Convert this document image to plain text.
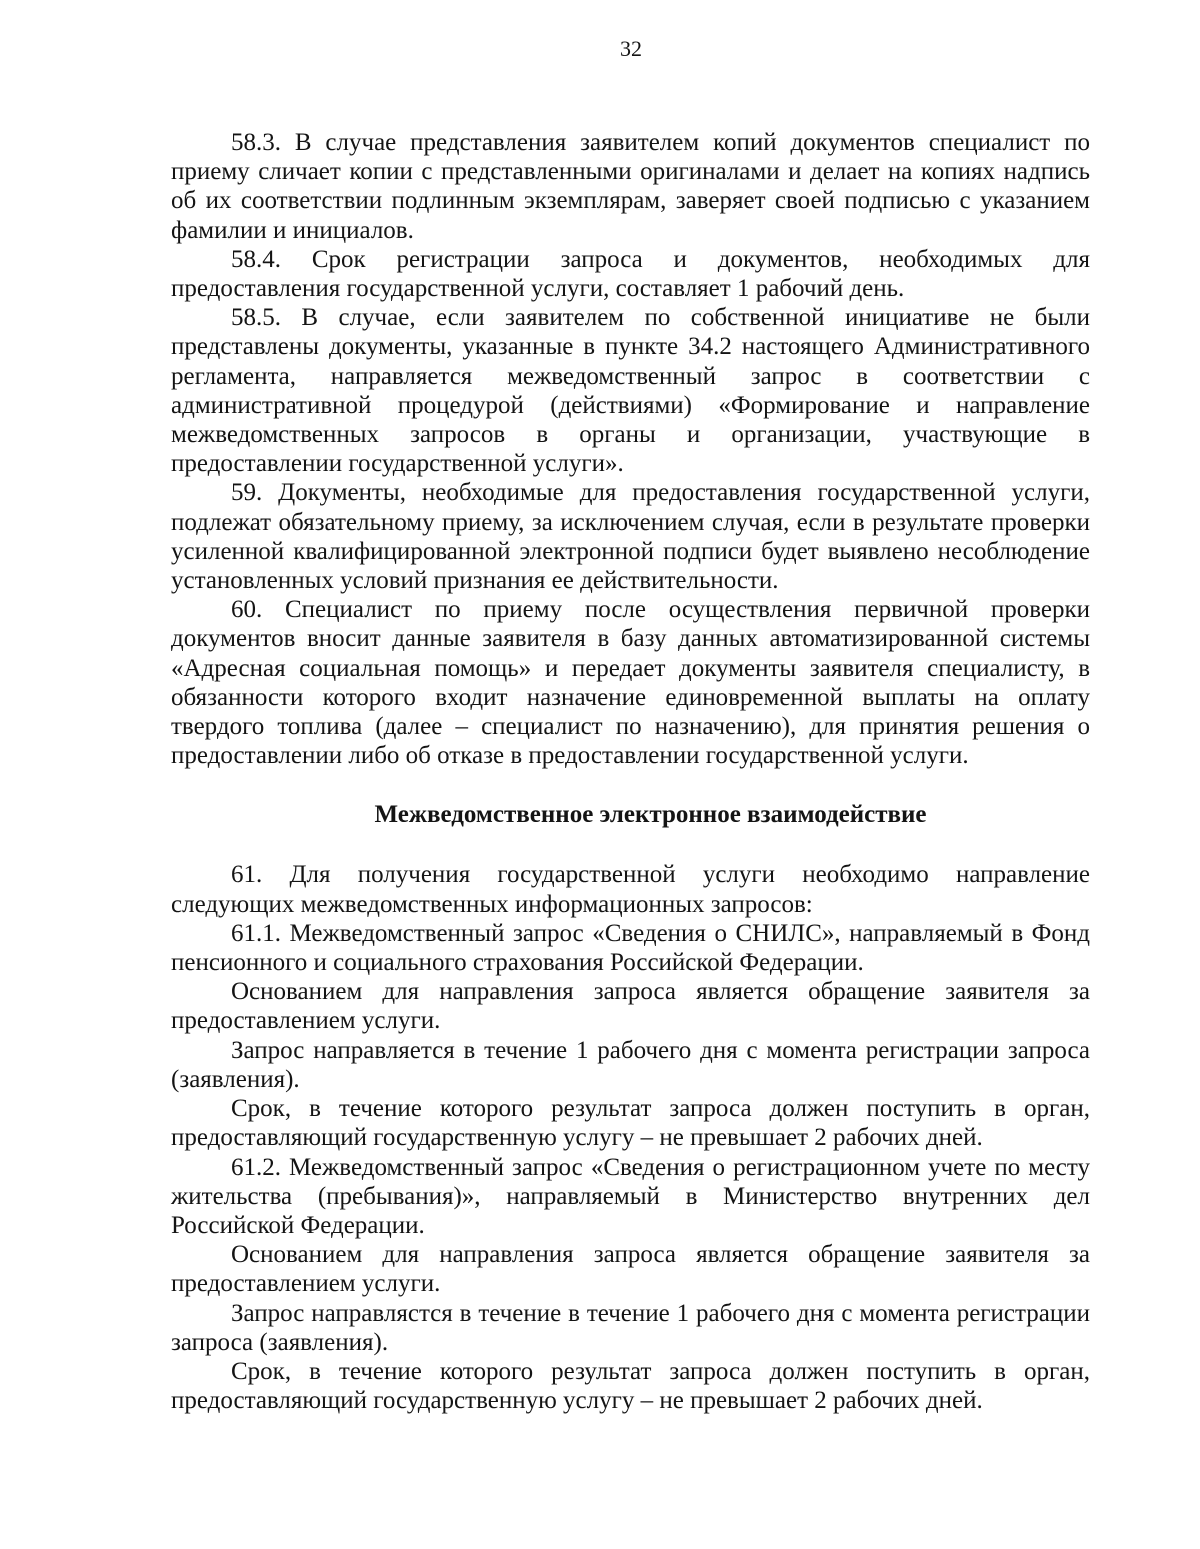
32

58.3. В случае представления заявителем копий документов специалист по приему сличает копии с представленными оригиналами и делает на копиях надпись об их соответствии подлинным экземплярам, заверяет своей подписью с указанием фамилии и инициалов.

58.4. Срок регистрации запроса и документов, необходимых для предоставления государственной услуги, составляет 1 рабочий день.

58.5. В случае, если заявителем по собственной инициативе не были представлены документы, указанные в пункте 34.2 настоящего Административного регламента, направляется межведомственный запрос в соответствии с административной процедурой (действиями) «Формирование и направление межведомственных запросов в органы и организации, участвующие в предоставлении государственной услуги».

59. Документы, необходимые для предоставления государственной услуги, подлежат обязательному приему, за исключением случая, если в результате проверки усиленной квалифицированной электронной подписи будет выявлено несоблюдение установленных условий признания ее действительности.

60. Специалист по приему после осуществления первичной проверки документов вносит данные заявителя в базу данных автоматизированной системы «Адресная социальная помощь» и передает документы заявителя специалисту, в обязанности которого входит назначение единовременной выплаты на оплату твердого топлива (далее – специалист по назначению), для принятия решения о предоставлении либо об отказе в предоставлении государственной услуги.

Межведомственное электронное взаимодействие

61. Для получения государственной услуги необходимо направление следующих межведомственных информационных запросов:

61.1. Межведомственный запрос «Сведения о СНИЛС», направляемый в Фонд пенсионного и социального страхования Российской Федерации.

Основанием для направления запроса является обращение заявителя за предоставлением услуги.

Запрос направляется в течение 1 рабочего дня с момента регистрации запроса (заявления).

Срок, в течение которого результат запроса должен поступить в орган, предоставляющий государственную услугу – не превышает 2 рабочих дней.

61.2. Межведомственный запрос «Сведения о регистрационном учете по месту жительства (пребывания)», направляемый в Министерство внутренних дел Российской Федерации.

Основанием для направления запроса является обращение заявителя за предоставлением услуги.

Запрос направлястся в течение в течение 1 рабочего дня с момента регистрации запроса (заявления).

Срок, в течение которого результат запроса должен поступить в орган, предоставляющий государственную услугу – не превышает 2 рабочих дней.
